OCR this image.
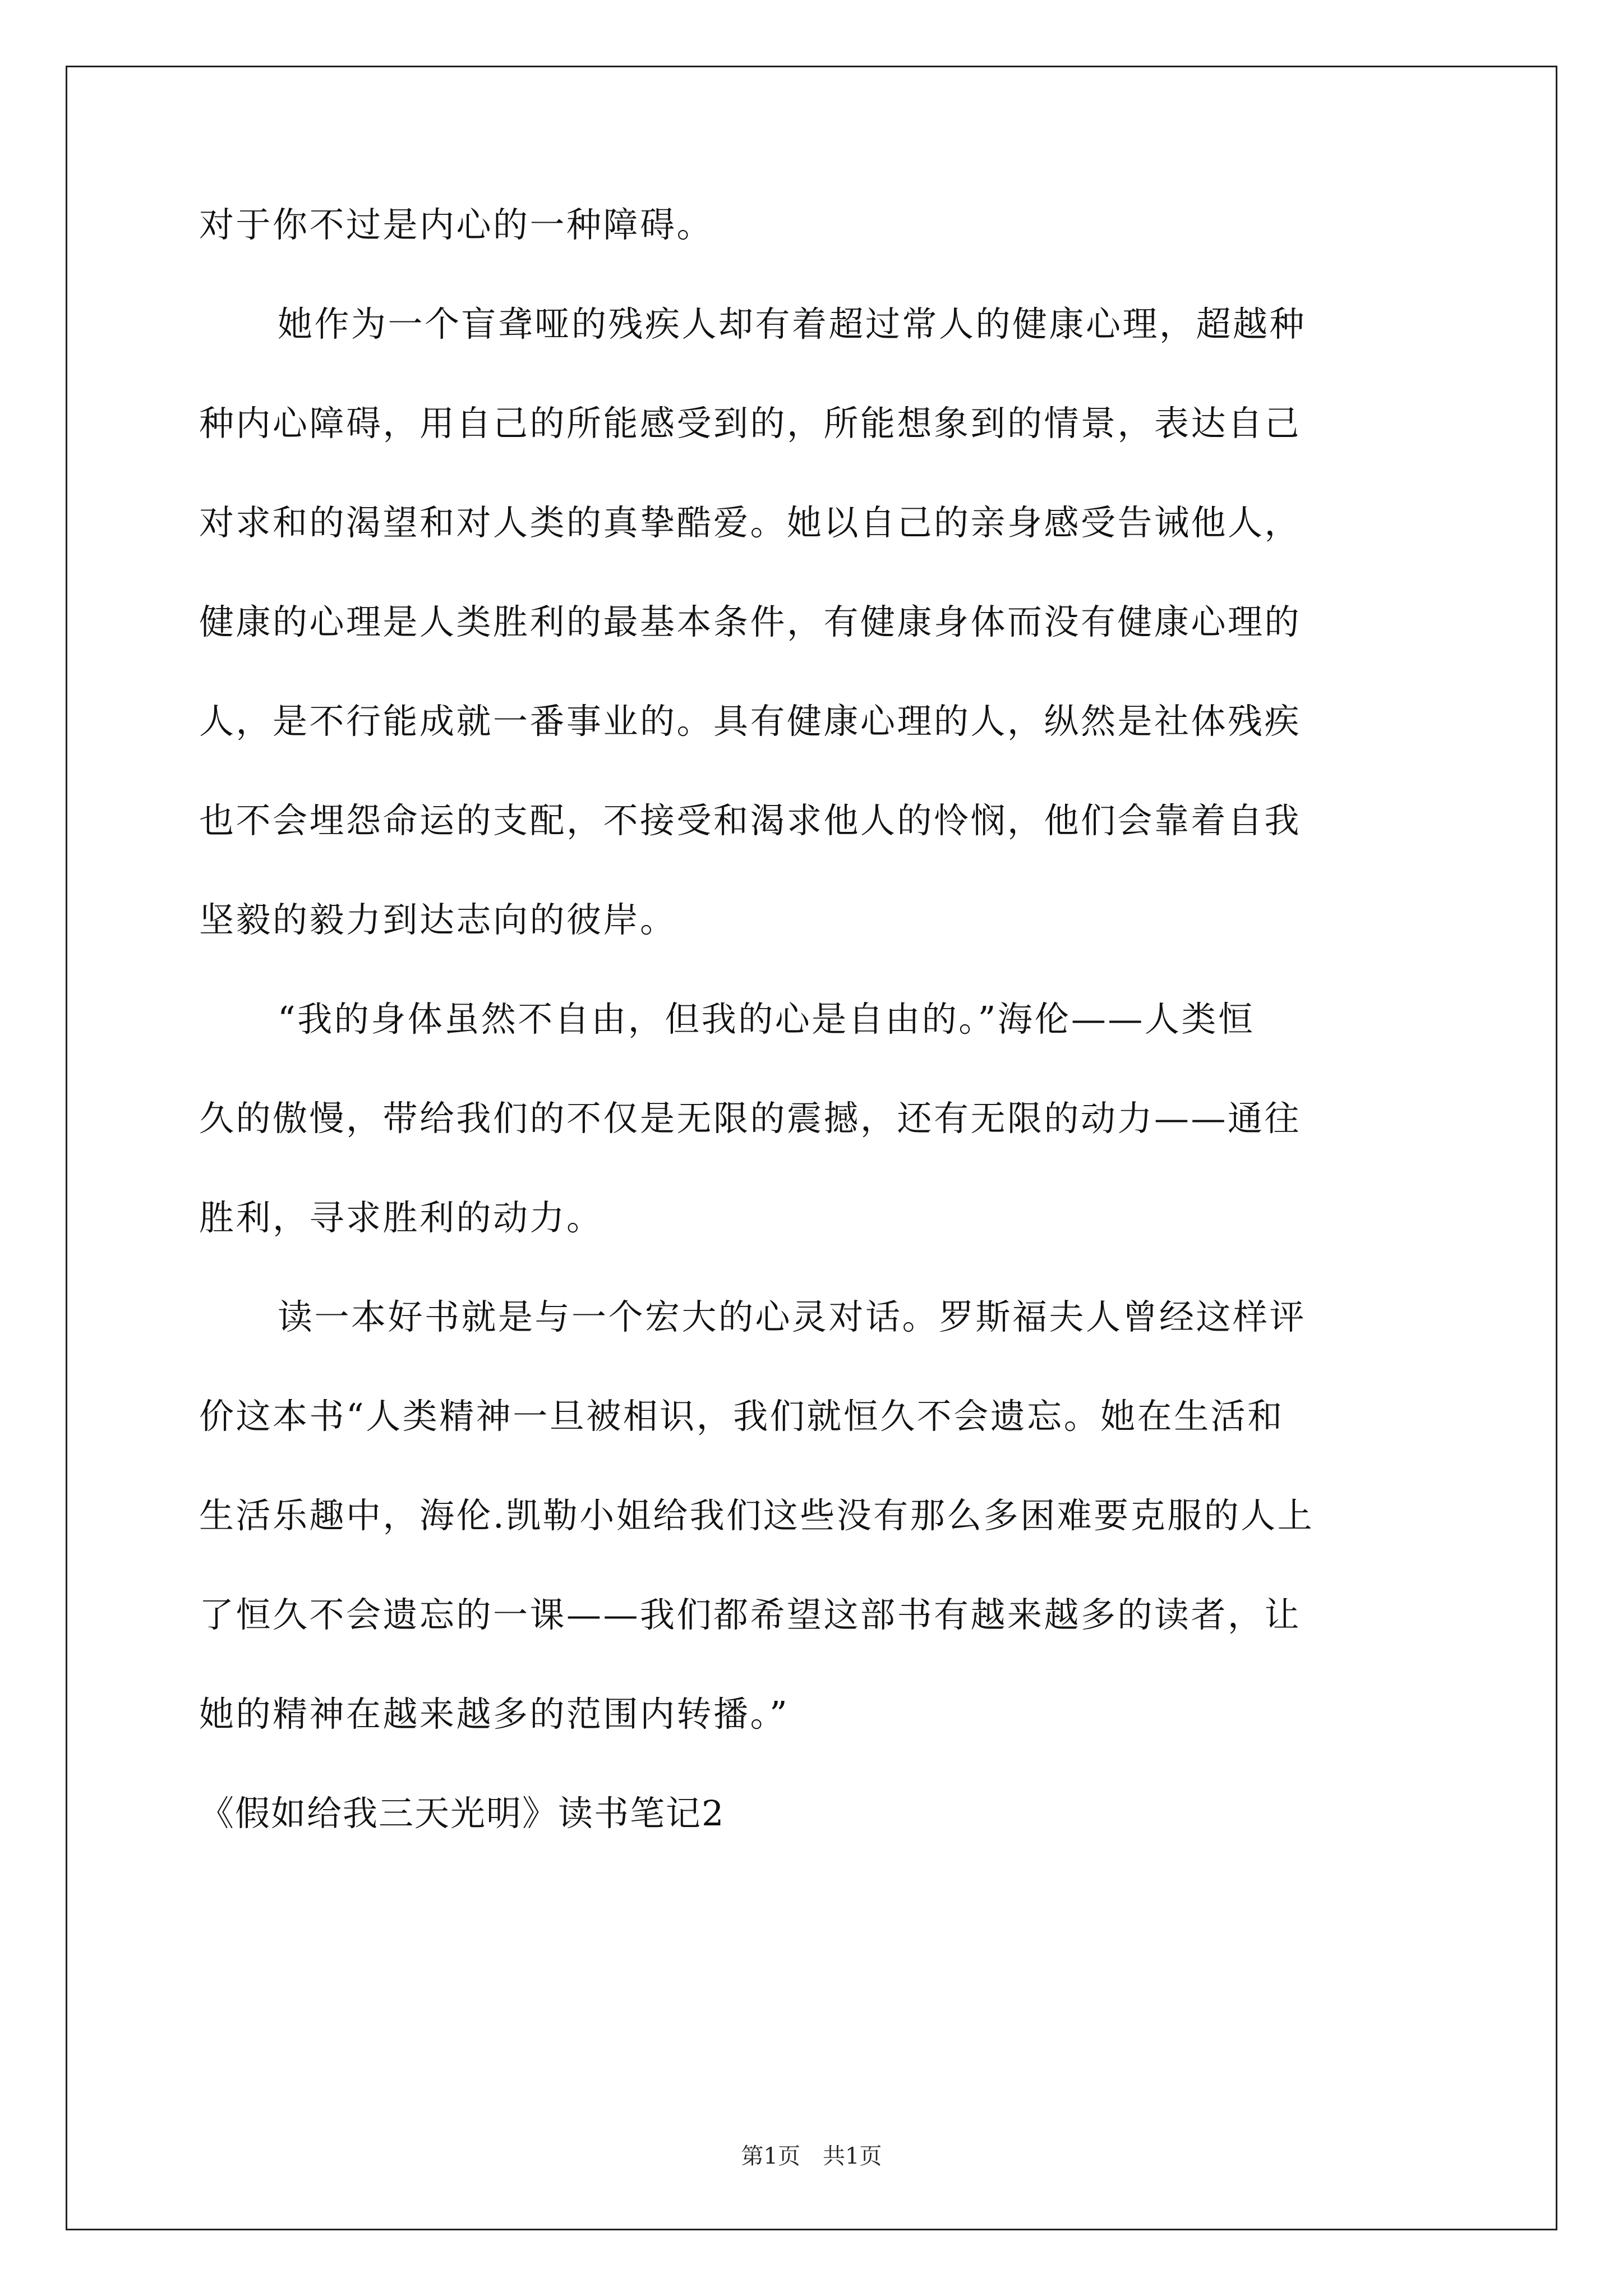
对于你不过是内心的一种障碍。
她作为一个盲聋哑的残疾人却有着超过常人的健康心理，超越种
种内心障碍，用自己的所能感受到的，所能想象到的情景，表达自己
对求和的渴望和对人类的真挚酷爱。她以自己的亲身感受告诫他人，
健康的心理是人类胜利的最基本条件，有健康身体而没有健康心理的
人，是不行能成就一番事业的。具有健康心理的人，纵然是社体残疾
也不会埋怨命运的支配，不接受和渴求他人的怜悯，他们会靠着自我
坚毅的毅力到达志向的彼岸。
“我的身体虽然不自由，但我的心是自由的。”海伦——人类恒
久的傲慢，带给我们的不仅是无限的震撼，还有无限的动力——通往
胜利，寻求胜利的动力。
读一本好书就是与一个宏大的心灵对话。罗斯福夫人曾经这样评
价这本书“人类精神一旦被相识，我们就恒久不会遗忘。她在生活和
生活乐趣中，海伦.凯勒小姐给我们这些没有那么多困难要克服的人上
了恒久不会遗忘的一课——我们都希望这部书有越来越多的读者，让
她的精神在越来越多的范围内转播。”
《假如给我三天光明》读书笔记2
第1页　共1页
